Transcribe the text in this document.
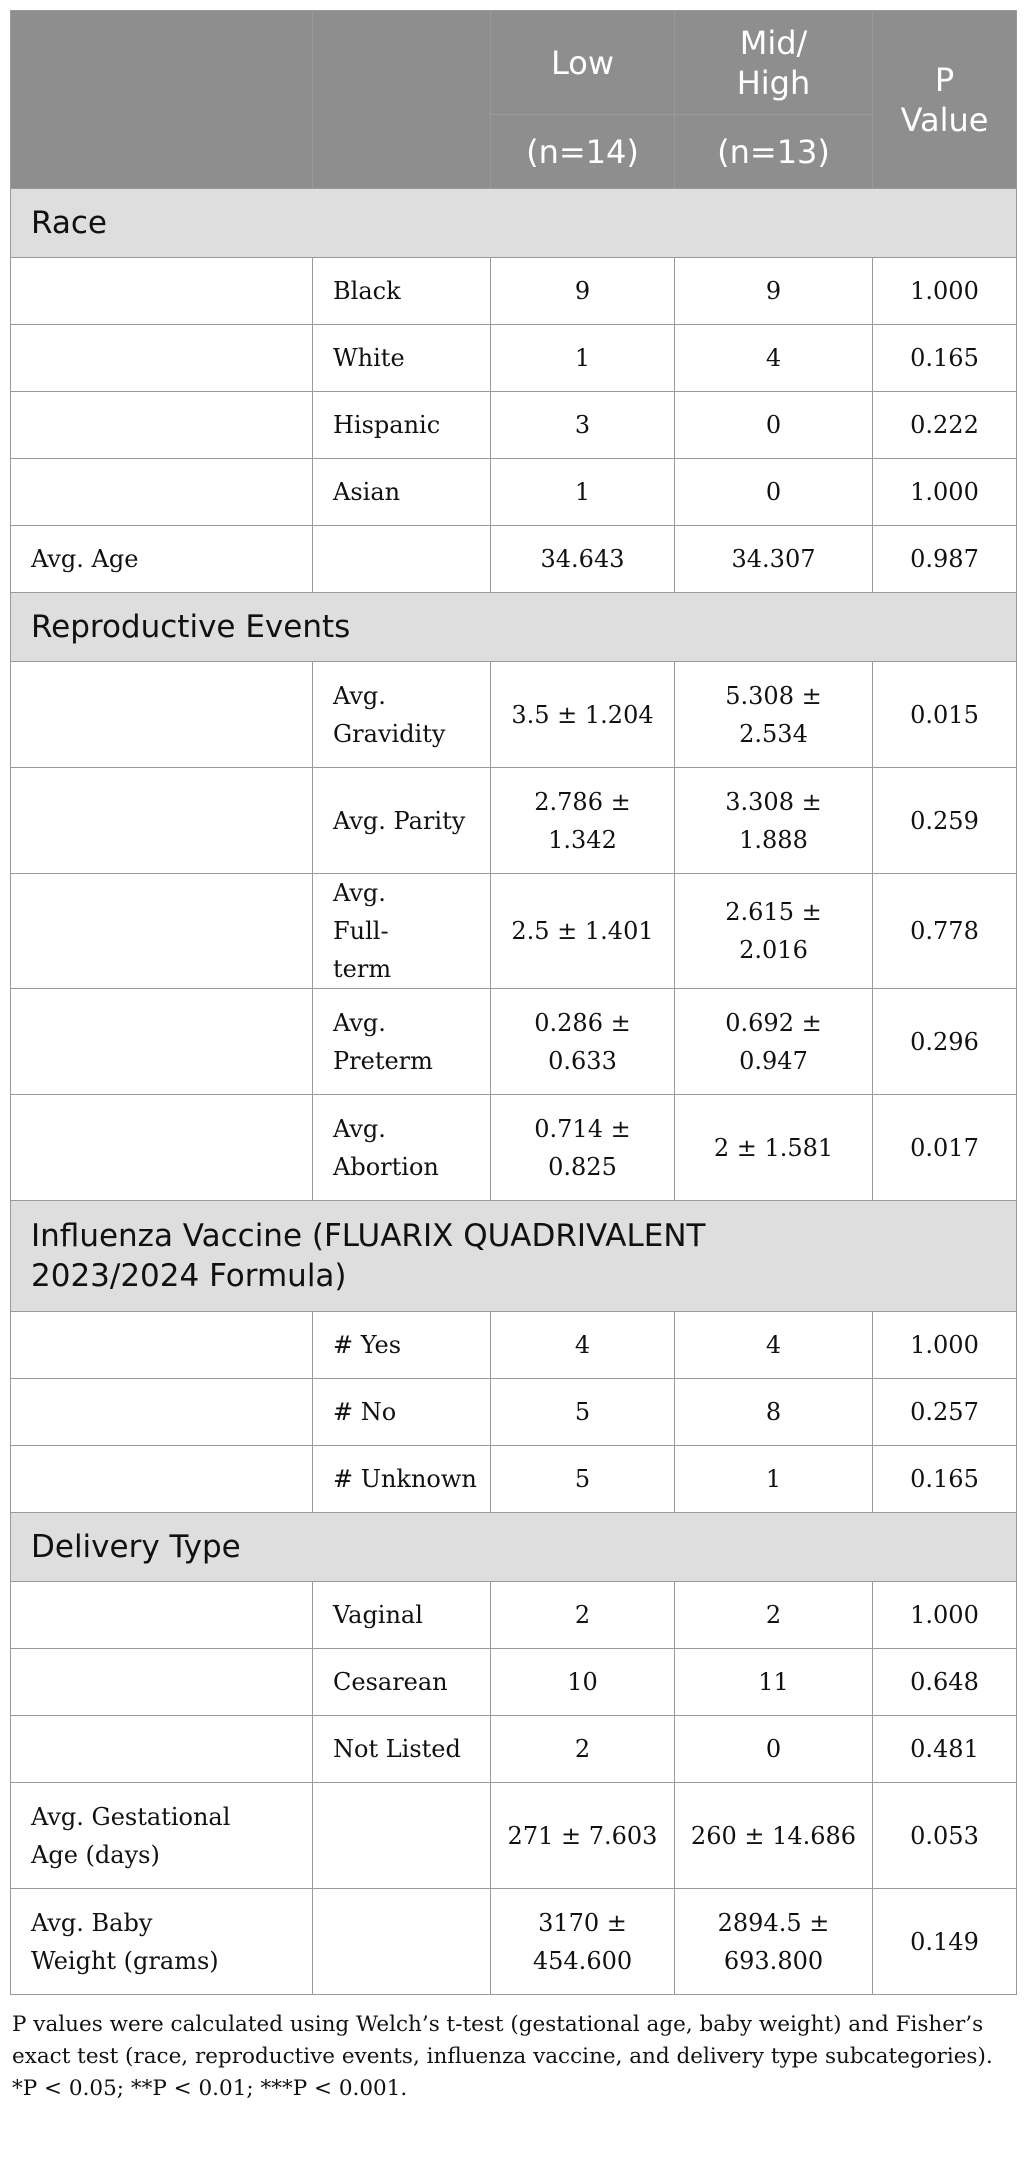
		Low	Mid/ High	P Value
		(n=14)	(n=13)	
Race				
	Black	9	9	1.000
	White	1	4	0.165
	Hispanic	3	0	0.222
	Asian	1	0	1.000
Avg. Age		34.643	34.307	0.987
Reproductive Events				
	Avg. Gravidity	3.5 ± 1.204	5.308 ± 2.534	0.015
	Avg. Parity	2.786 ± 1.342	3.308 ± 1.888	0.259
	Avg. Full-term	2.5 ± 1.401	2.615 ± 2.016	0.778
	Avg. Preterm	0.286 ± 0.633	0.692 ± 0.947	0.296
	Avg. Abortion	0.714 ± 0.825	2 ± 1.581	0.017
Influenza Vaccine (FLUARIX QUADRIVALENT 2023/2024 Formula)				
	# Yes	4	4	1.000
	# No	5	8	0.257
	# Unknown	5	1	0.165
Delivery Type				
	Vaginal	2	2	1.000
	Cesarean	10	11	0.648
	Not Listed	2	0	0.481
Avg. Gestational Age (days)		271 ± 7.603	260 ± 14.686	0.053
Avg. Baby Weight (grams)		3170 ± 454.600	2894.5 ± 693.800	0.149
P values were calculated using Welch’s t-test (gestational age, baby weight) and Fisher’s exact test (race, reproductive events, influenza vaccine, and delivery type subcategories). *P < 0.05; **P < 0.01; ***P < 0.001.
